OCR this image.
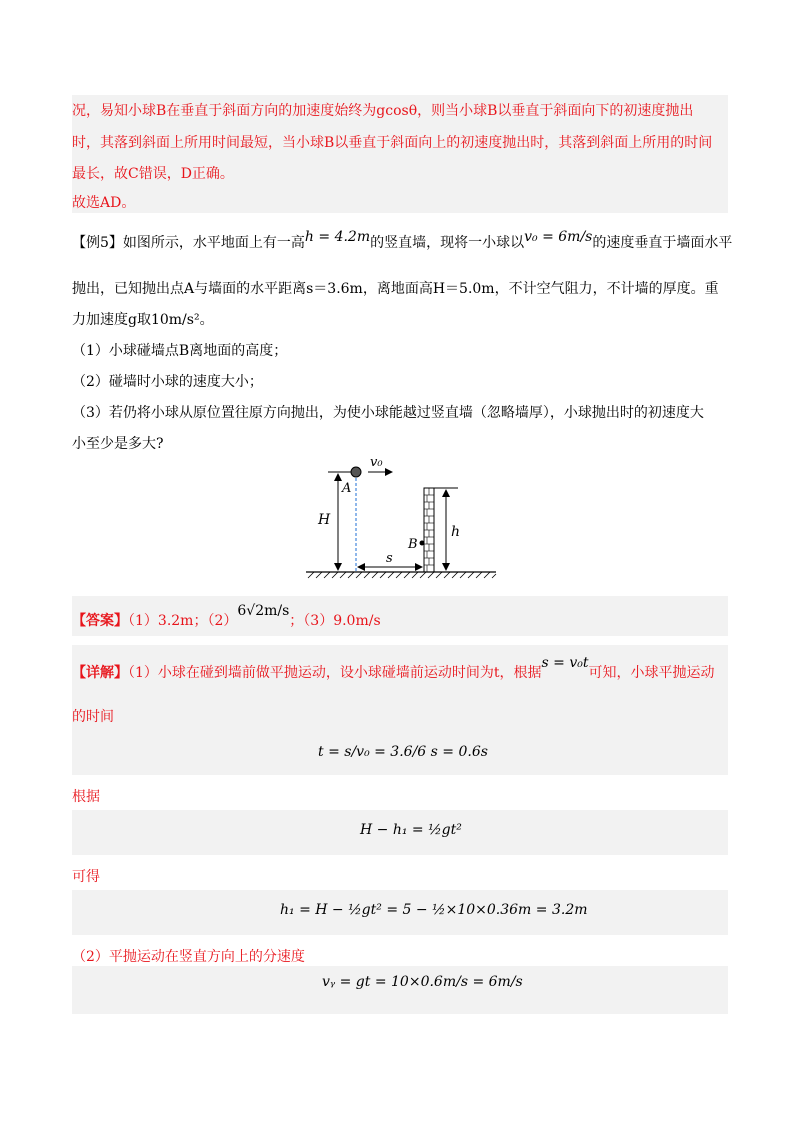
况，易知小球B在垂直于斜面方向的加速度始终为gcosθ，则当小球B以垂直于斜面向下的初速度抛出
时，其落到斜面上所用时间最短，当小球B以垂直于斜面向上的初速度抛出时，其落到斜面上所用的时间
最长，故C错误，D正确。
故选AD。
【例5】如图所示，水平地面上有一高h = 4.2m的竖直墙，现将一小球以v₀ = 6m/s的速度垂直于墙面水平
抛出，已知抛出点A与墙面的水平距离s＝3.6m，离地面高H＝5.0m，不计空气阻力，不计墙的厚度。重
力加速度g取10m/s²。
（1）小球碰墙点B离地面的高度；
（2）碰墙时小球的速度大小；
（3）若仍将小球从原位置往原方向抛出，为使小球能越过竖直墙（忽略墙厚），小球抛出时的初速度大
小至少是多大?
v₀
A
H
B
h
s
【答案】（1）3.2m；（2）6√2m/s；（3）9.0m/s
【详解】（1）小球在碰到墙前做平抛运动，设小球碰墙前运动时间为t，根据s = v₀t可知，小球平抛运动
的时间
t = s/v₀ = 3.6/6 s = 0.6s
根据
H − h₁ = ½gt²
可得
h₁ = H − ½gt² = 5 − ½×10×0.36m = 3.2m
（2）平抛运动在竖直方向上的分速度
vᵧ = gt = 10×0.6m/s = 6m/s
